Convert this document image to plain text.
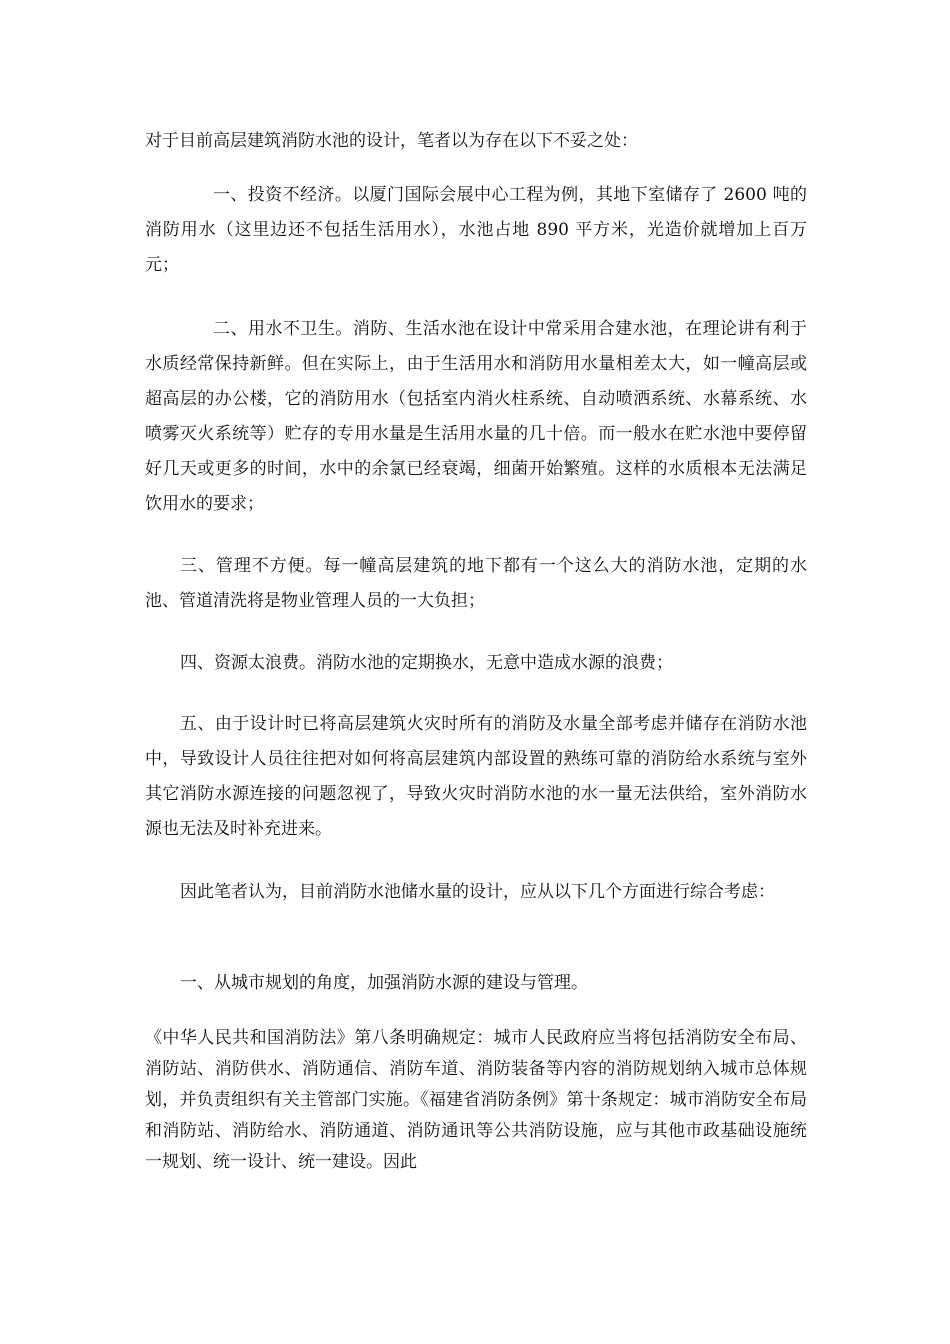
对于目前高层建筑消防水池的设计，笔者以为存在以下不妥之处：

一、投资不经济。以厦门国际会展中心工程为例，其地下室储存了 2600 吨的消防用水（这里边还不包括生活用水），水池占地 890 平方米，光造价就增加上百万元；

二、用水不卫生。消防、生活水池在设计中常采用合建水池，在理论讲有利于水质经常保持新鲜。但在实际上，由于生活用水和消防用水量相差太大，如一幢高层或超高层的办公楼，它的消防用水（包括室内消火柱系统、自动喷洒系统、水幕系统、水喷雾灭火系统等）贮存的专用水量是生活用水量的几十倍。而一般水在贮水池中要停留好几天或更多的时间，水中的余氯已经衰竭，细菌开始繁殖。这样的水质根本无法满足饮用水的要求；

三、管理不方便。每一幢高层建筑的地下都有一个这么大的消防水池，定期的水池、管道清洗将是物业管理人员的一大负担；

四、资源太浪费。消防水池的定期换水，无意中造成水源的浪费；

五、由于设计时已将高层建筑火灾时所有的消防及水量全部考虑并储存在消防水池中，导致设计人员往往把对如何将高层建筑内部设置的熟练可靠的消防给水系统与室外其它消防水源连接的问题忽视了，导致火灾时消防水池的水一量无法供给，室外消防水源也无法及时补充进来。

因此笔者认为，目前消防水池储水量的设计，应从以下几个方面进行综合考虑：

一、从城市规划的角度，加强消防水源的建设与管理。

《中华人民共和国消防法》第八条明确规定：城市人民政府应当将包括消防安全布局、消防站、消防供水、消防通信、消防车道、消防装备等内容的消防规划纳入城市总体规划，并负责组织有关主管部门实施。《福建省消防条例》第十条规定：城市消防安全布局和消防站、消防给水、消防通道、消防通讯等公共消防设施，应与其他市政基础设施统一规划、统一设计、统一建设。因此
